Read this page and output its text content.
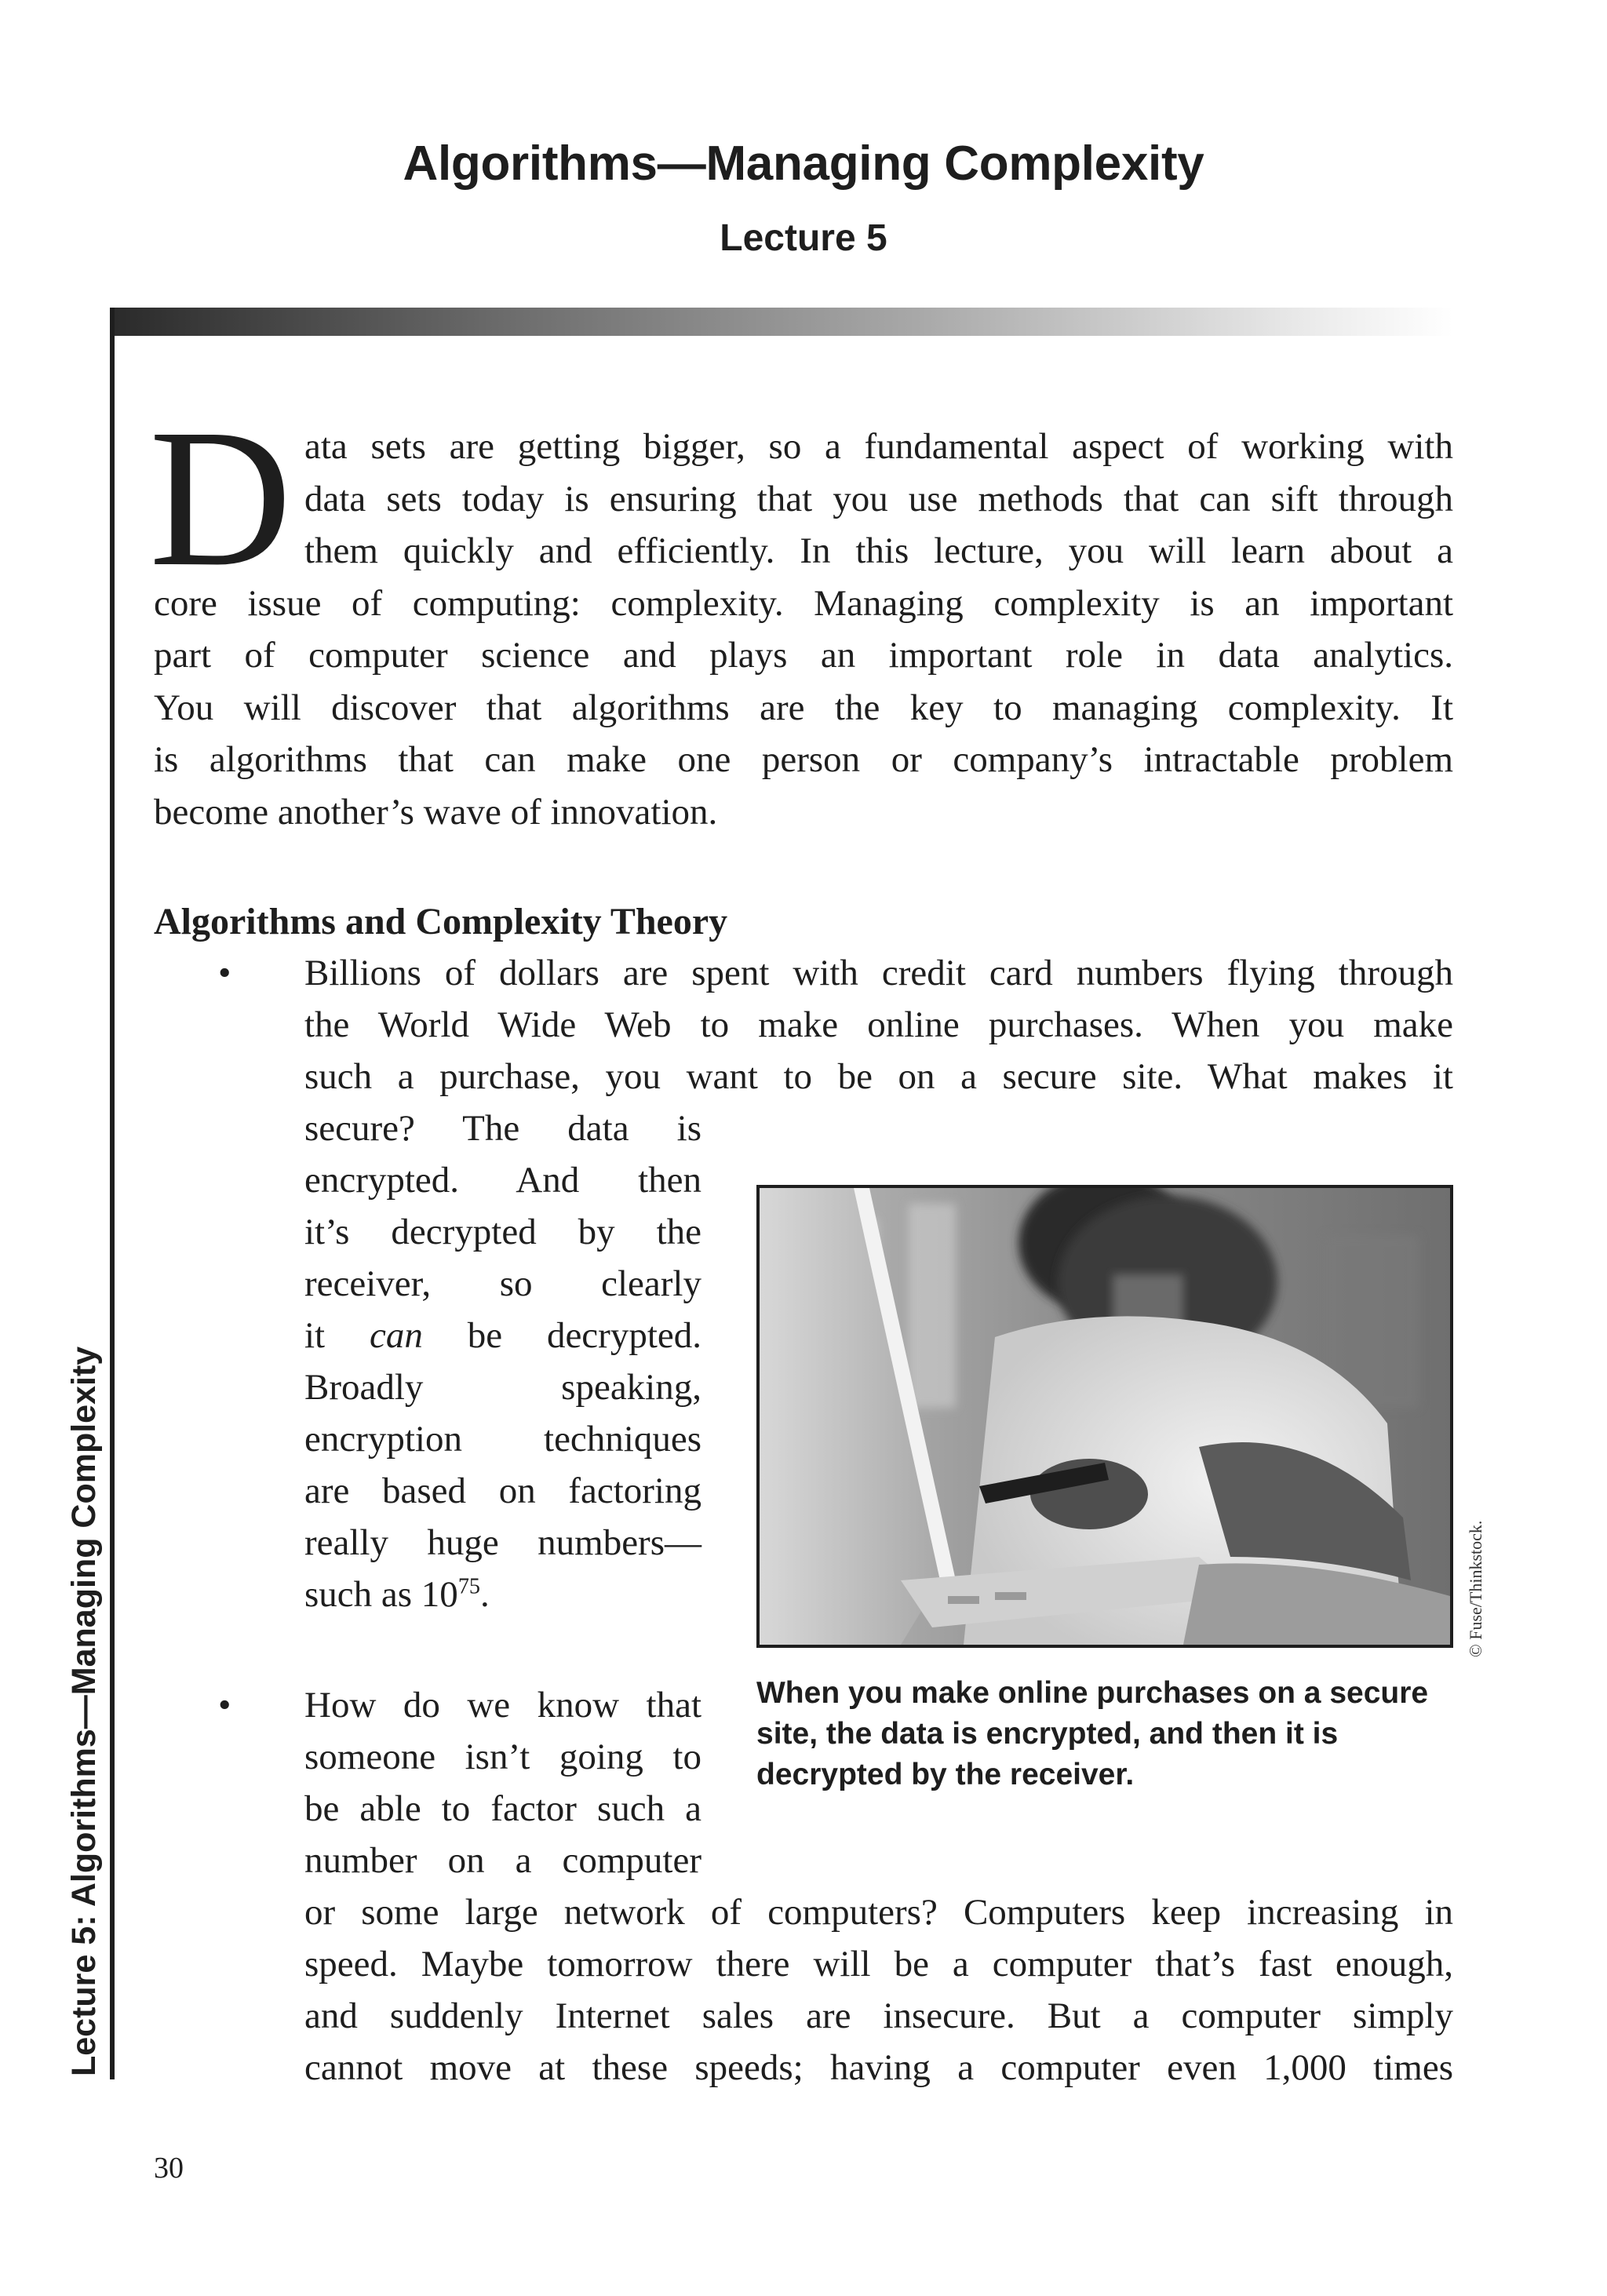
Algorithms—Managing Complexity
Lecture 5
Lecture 5: Algorithms—Managing Complexity

D ata sets are getting bigger, so a fundamental aspect of working with
data sets today is ensuring that you use methods that can sift through
them quickly and efficiently. In this lecture, you will learn about a
core issue of computing: complexity. Managing complexity is an important
part of computer science and plays an important role in data analytics.
You will discover that algorithms are the key to managing complexity. It
is algorithms that can make one person or company’s intractable problem
become another’s wave of innovation.

Algorithms and Complexity Theory
• Billions of dollars are spent with credit card numbers flying through
the World Wide Web to make online purchases. When you make
such a purchase, you want to be on a secure site. What makes it

secure? The data is
encrypted. And then
it’s decrypted by the
receiver, so clearly
it can be decrypted.
Broadly speaking,
encryption techniques
are based on factoring
really huge numbers—
such as $10^{75}$.	© Fuse/Thinkstock.
• How do we know that
someone isn’t going to
be able to factor such a
number on a computer

or some large network of computers? Computers keep increasing in
speed. Maybe tomorrow there will be a computer that’s fast enough,
and suddenly Internet sales are insecure. But a computer simply
cannot move at these speeds; having a computer even 1,000 times

When you make online purchases on a secure site, the data is encrypted, and then it is decrypted by the receiver.

30
